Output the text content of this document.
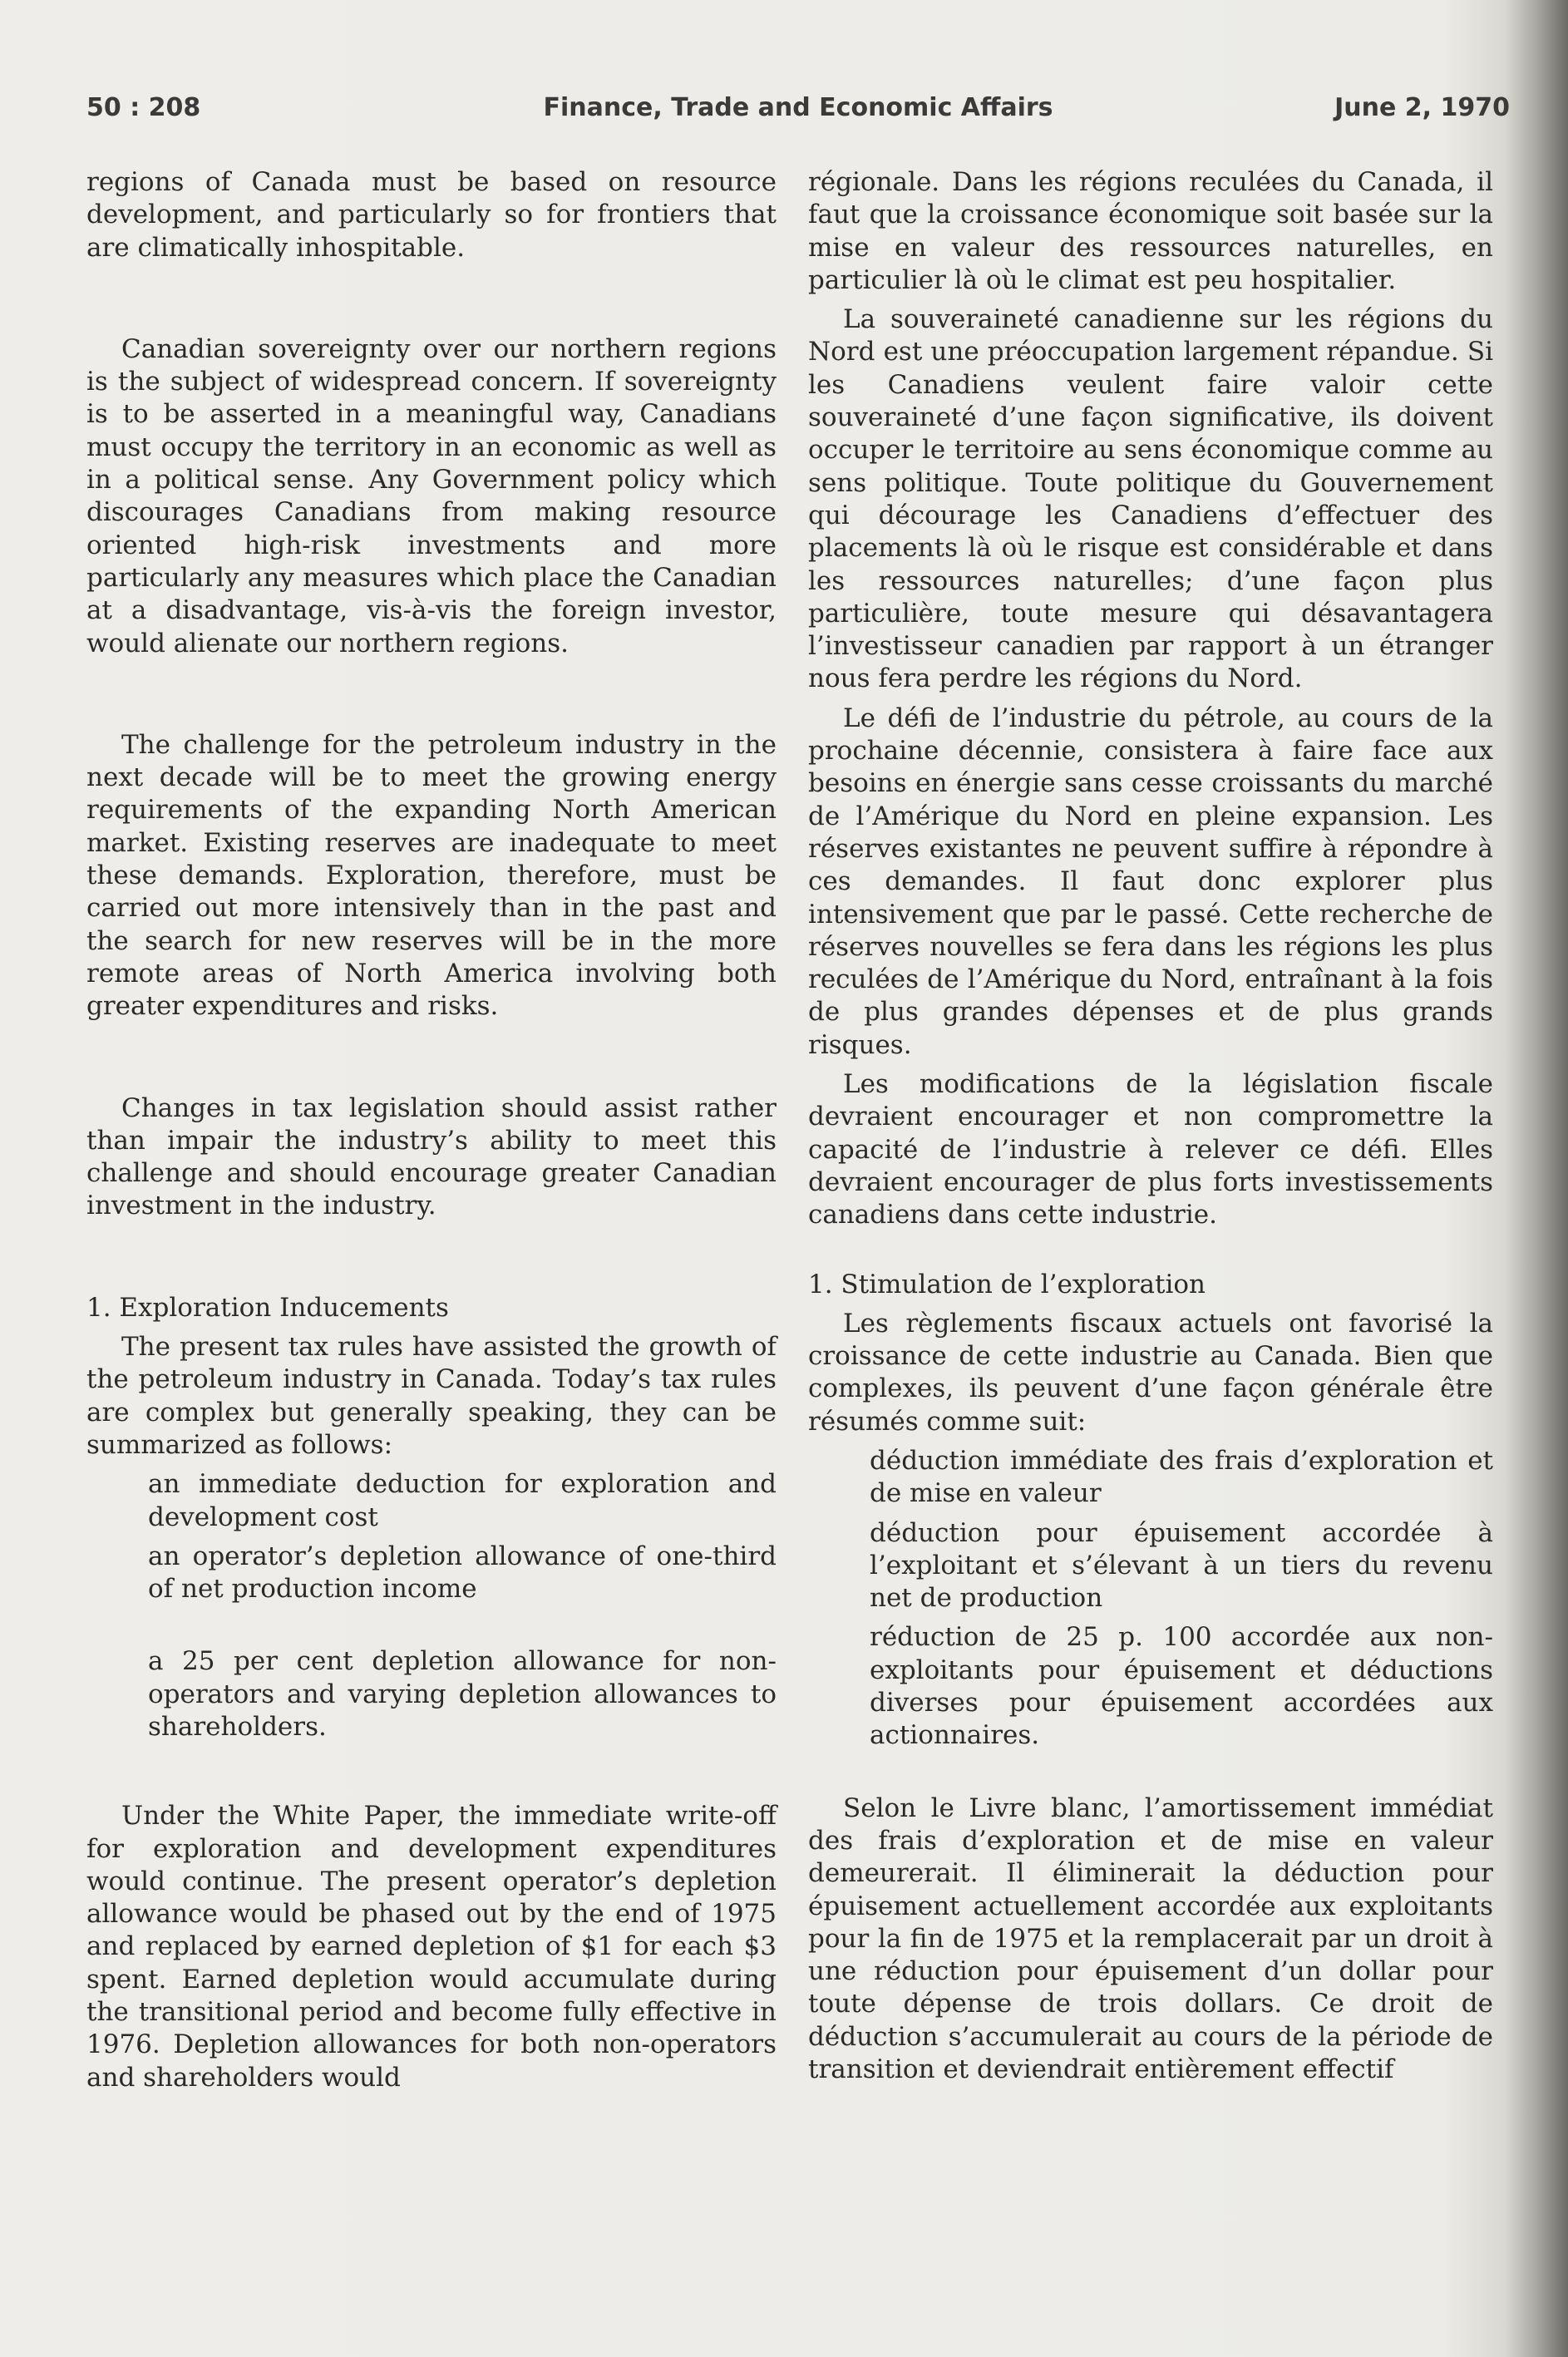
50 : 208	Finance, Trade and Economic Affairs	June 2, 1970

regions of Canada must be based on resource development, and particularly so for frontiers that are climatically inhospitable.

Canadian sovereignty over our northern regions is the subject of widespread concern. If sovereignty is to be asserted in a meaningful way, Canadians must occupy the territory in an economic as well as in a political sense. Any Government policy which discourages Canadians from making resource oriented high-risk investments and more particularly any measures which place the Canadian at a disadvantage, vis-à-vis the foreign investor, would alienate our northern regions.

The challenge for the petroleum industry in the next decade will be to meet the growing energy requirements of the expanding North American market. Existing reserves are inadequate to meet these demands. Exploration, therefore, must be carried out more intensively than in the past and the search for new reserves will be in the more remote areas of North America involving both greater expenditures and risks.

Changes in tax legislation should assist rather than impair the industry’s ability to meet this challenge and should encourage greater Canadian investment in the industry.

1. Exploration Inducements

The present tax rules have assisted the growth of the petroleum industry in Canada. Today’s tax rules are complex but generally speaking, they can be summarized as follows:

an immediate deduction for exploration and development cost

an operator’s depletion allowance of one-third of net production income

a 25 per cent depletion allowance for non-operators and varying depletion allowances to shareholders.

Under the White Paper, the immediate write-off for exploration and development expenditures would continue. The present operator’s depletion allowance would be phased out by the end of 1975 and replaced by earned depletion of $1 for each $3 spent. Earned depletion would accumulate during the transitional period and become fully effective in 1976. Depletion allowances for both non-operators and shareholders would

régionale. Dans les régions reculées du Canada, il faut que la croissance économique soit basée sur la mise en valeur des ressources naturelles, en particulier là où le climat est peu hospitalier.

La souveraineté canadienne sur les régions du Nord est une préoccupation largement répandue. Si les Canadiens veulent faire valoir cette souveraineté d’une façon significative, ils doivent occuper le territoire au sens économique comme au sens politique. Toute politique du Gouvernement qui décourage les Canadiens d’effectuer des placements là où le risque est considérable et dans les ressources naturelles; d’une façon plus particulière, toute mesure qui désavantagera l’investisseur canadien par rapport à un étranger nous fera perdre les régions du Nord.

Le défi de l’industrie du pétrole, au cours de la prochaine décennie, consistera à faire face aux besoins en énergie sans cesse croissants du marché de l’Amérique du Nord en pleine expansion. Les réserves existantes ne peuvent suffire à répondre à ces demandes. Il faut donc explorer plus intensivement que par le passé. Cette recherche de réserves nouvelles se fera dans les régions les plus reculées de l’Amérique du Nord, entraînant à la fois de plus grandes dépenses et de plus grands risques.

Les modifications de la législation fiscale devraient encourager et non compromettre la capacité de l’industrie à relever ce défi. Elles devraient encourager de plus forts investissements canadiens dans cette industrie.

1. Stimulation de l’exploration

Les règlements fiscaux actuels ont favorisé la croissance de cette industrie au Canada. Bien que complexes, ils peuvent d’une façon générale être résumés comme suit:

déduction immédiate des frais d’exploration et de mise en valeur

déduction pour épuisement accordée à l’exploitant et s’élevant à un tiers du revenu net de production

réduction de 25 p. 100 accordée aux non-exploitants pour épuisement et déductions diverses pour épuisement accordées aux actionnaires.

Selon le Livre blanc, l’amortissement immédiat des frais d’exploration et de mise en valeur demeurerait. Il éliminerait la déduction pour épuisement actuellement accordée aux exploitants pour la fin de 1975 et la remplacerait par un droit à une réduction pour épuisement d’un dollar pour toute dépense de trois dollars. Ce droit de déduction s’accumulerait au cours de la période de transition et deviendrait entièrement effectif
